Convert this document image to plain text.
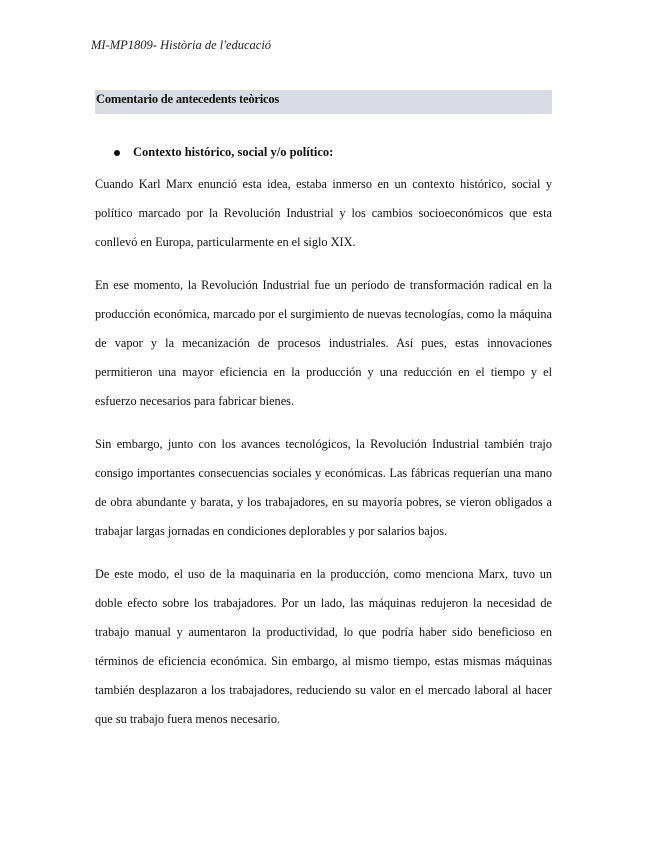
MI-MP1809- Història de l'educació
Comentario de antecedents teòricos
Contexto histórico, social y/o político:

Cuando Karl Marx enunció esta idea, estaba inmerso en un contexto histórico, social y político marcado por la Revolución Industrial y los cambios socioeconómicos que esta conllevó en Europa, particularmente en el siglo XIX.

En ese momento, la Revolución Industrial fue un período de transformación radical en la producción económica, marcado por el surgimiento de nuevas tecnologías, como la máquina de vapor y la mecanización de procesos industriales. Así pues, estas innovaciones permitieron una mayor eficiencia en la producción y una reducción en el tiempo y el esfuerzo necesarios para fabricar bienes.

Sin embargo, junto con los avances tecnológicos, la Revolución Industrial también trajo consigo importantes consecuencias sociales y económicas. Las fábricas requerían una mano de obra abundante y barata, y los trabajadores, en su mayoría pobres, se vieron obligados a trabajar largas jornadas en condiciones deplorables y por salarios bajos.

De este modo, el uso de la maquinaria en la producción, como menciona Marx, tuvo un doble efecto sobre los trabajadores. Por un lado, las máquinas redujeron la necesidad de trabajo manual y aumentaron la productividad, lo que podría haber sido beneficioso en términos de eficiencia económica. Sin embargo, al mismo tiempo, estas mismas máquinas también desplazaron a los trabajadores, reduciendo su valor en el mercado laboral al hacer que su trabajo fuera menos necesario.
